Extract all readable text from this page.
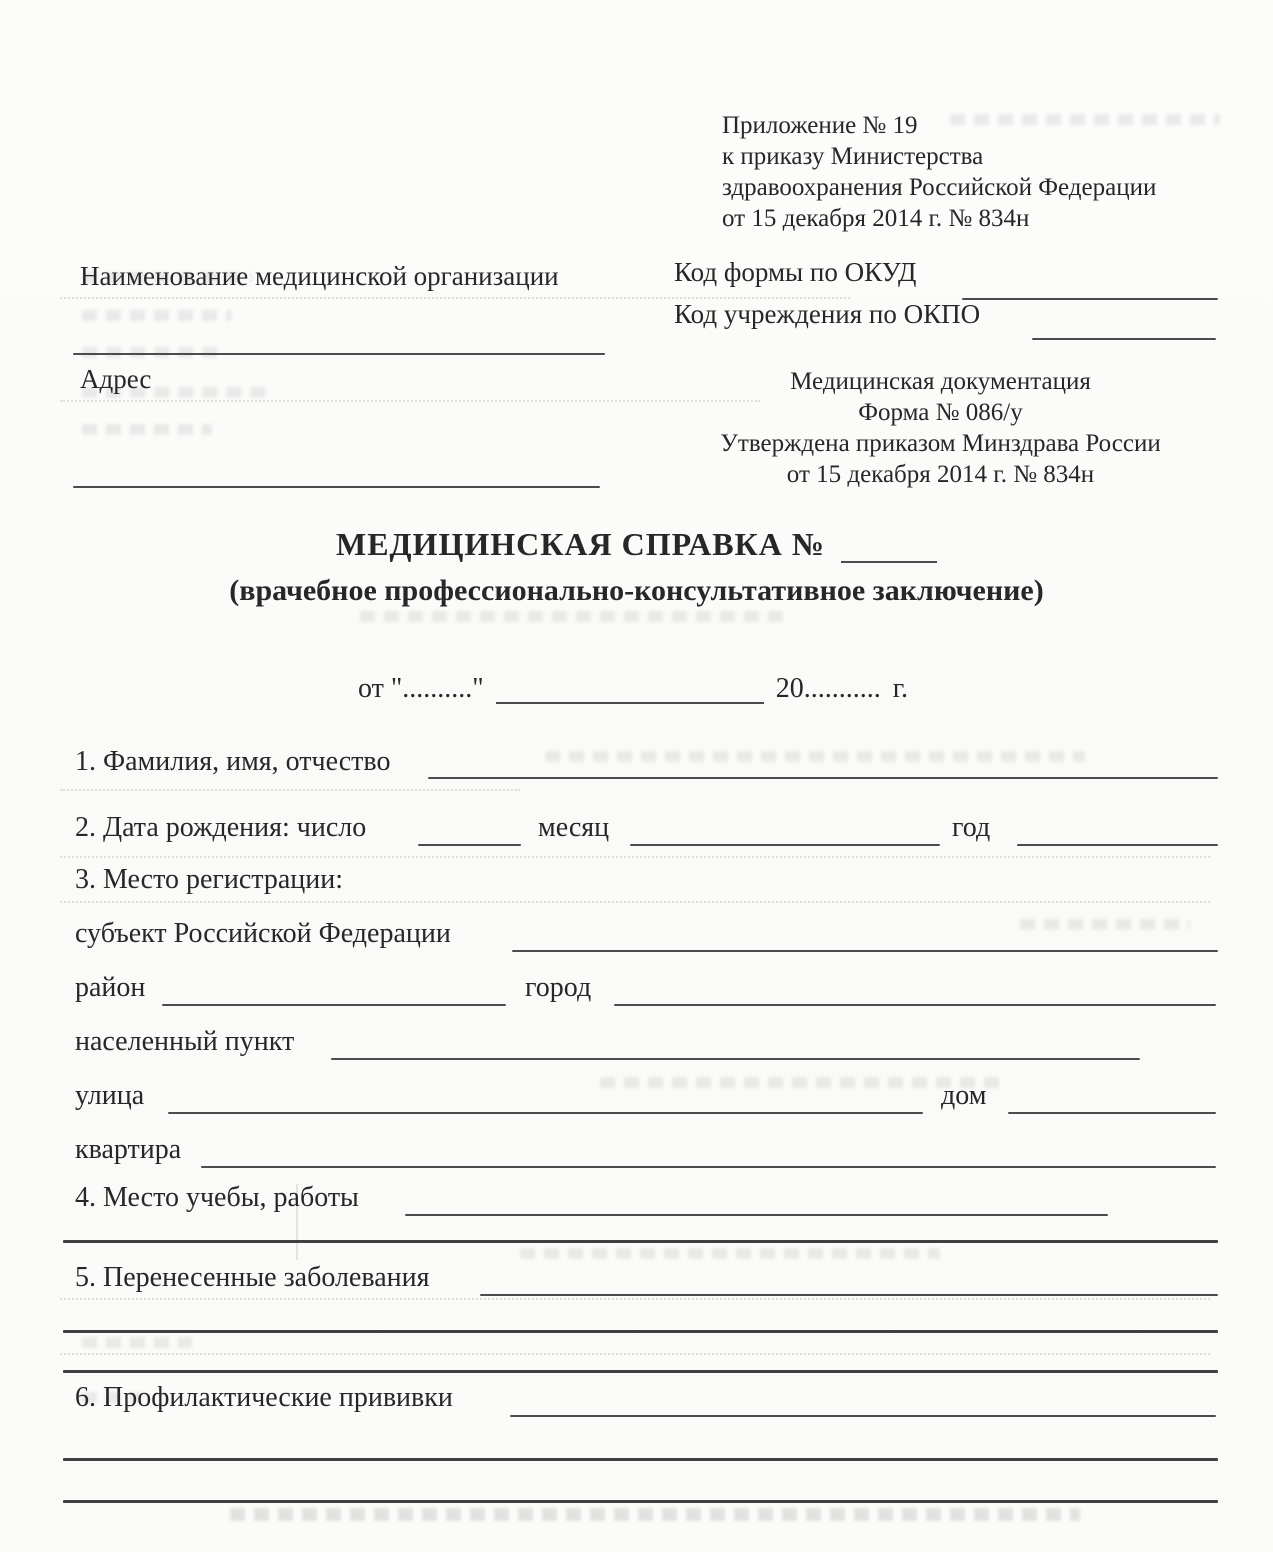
Приложение № 19
к приказу Министерства
здравоохранения Российской Федерации
от 15 декабря 2014 г. № 834н
Наименование медицинской организации	Код формы по ОКУД
Код учреждения по ОКПО
Адрес	Медицинская документация
Форма № 086/у
Утверждена приказом Минздрава России
от 15 декабря 2014 г. № 834н
МЕДИЦИНСКАЯ СПРАВКА №
(врачебное профессионально-консультативное заключение)
от ".........."	20........... г.
1. Фамилия, имя, отчество
2. Дата рождения: число	месяц	год
3. Место регистрации:
субъект Российской Федерации
район	город
населенный пункт
улица	дом
квартира
4. Место учебы, работы
5. Перенесенные заболевания
6. Профилактические прививки
